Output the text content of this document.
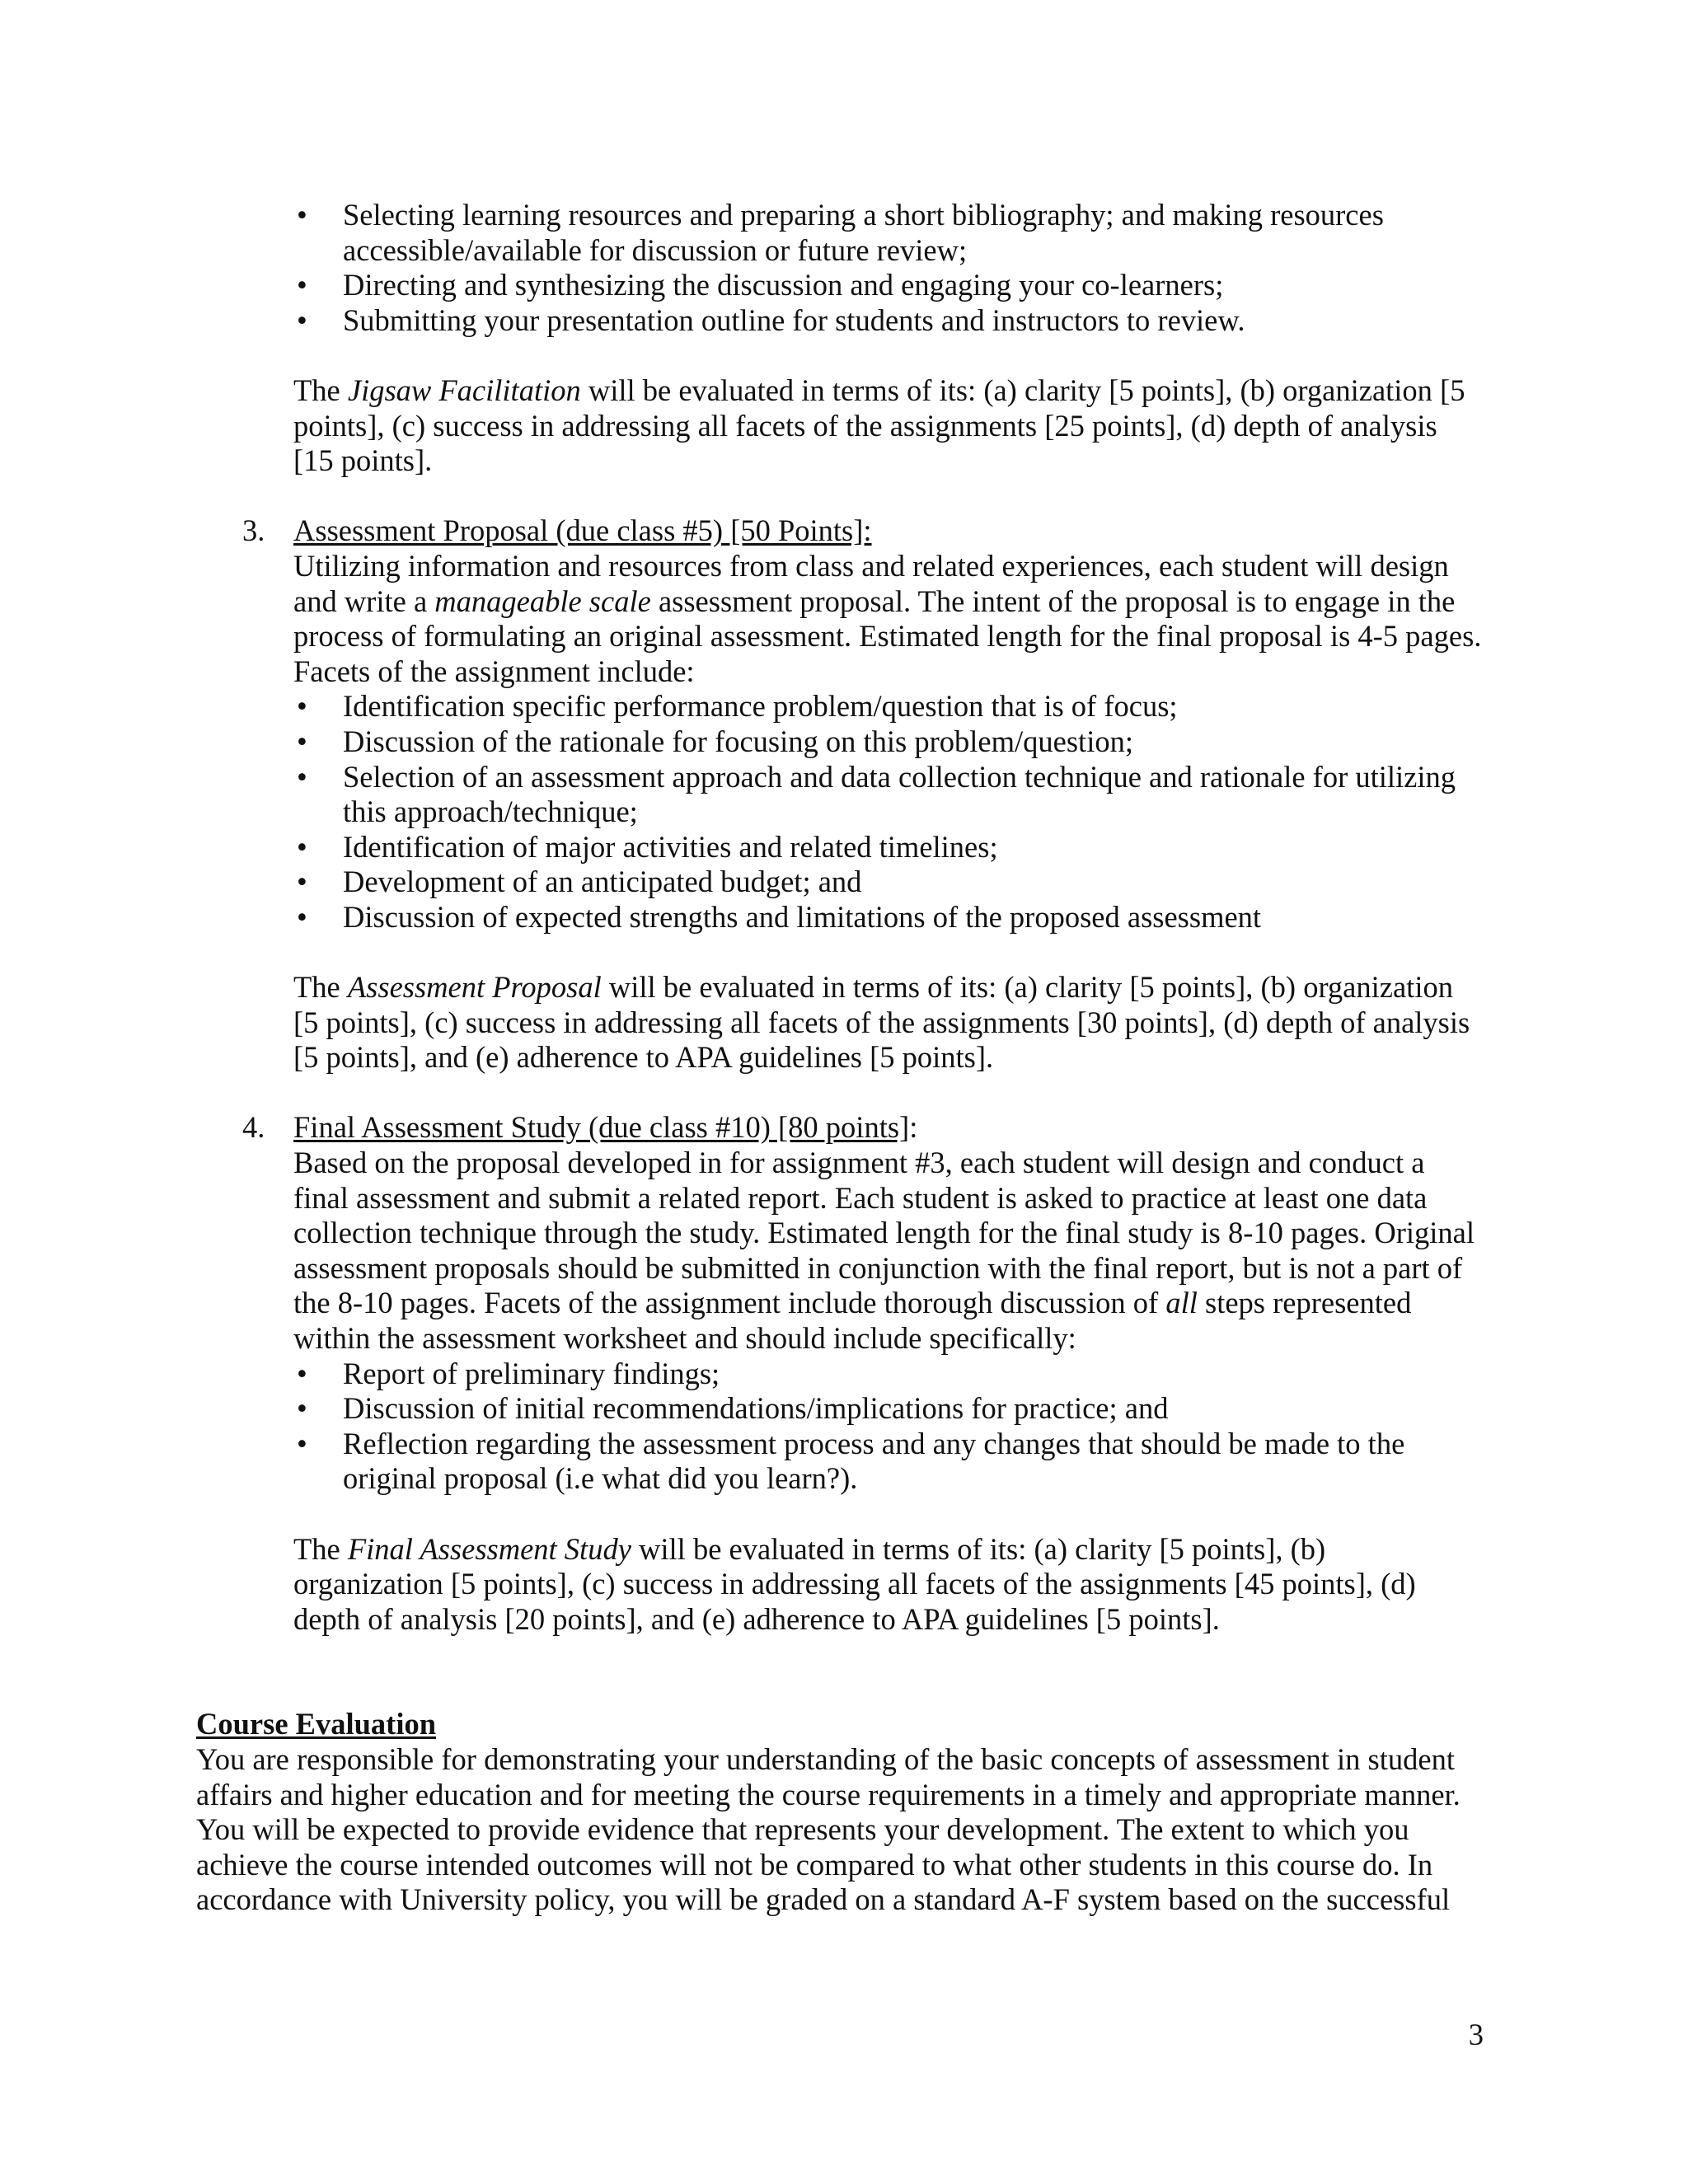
• Selecting learning resources and preparing a short bibliography; and making resources accessible/available for discussion or future review;
• Directing and synthesizing the discussion and engaging your co-learners;
• Submitting your presentation outline for students and instructors to review.

The Jigsaw Facilitation will be evaluated in terms of its: (a) clarity [5 points], (b) organization [5 points], (c) success in addressing all facets of the assignments [25 points], (d) depth of analysis [15 points].

3. Assessment Proposal (due class #5) [50 Points]:

Utilizing information and resources from class and related experiences, each student will design and write a manageable scale assessment proposal. The intent of the proposal is to engage in the process of formulating an original assessment. Estimated length for the final proposal is 4-5 pages. Facets of the assignment include:

• Identification specific performance problem/question that is of focus;
• Discussion of the rationale for focusing on this problem/question;
• Selection of an assessment approach and data collection technique and rationale for utilizing this approach/technique;
• Identification of major activities and related timelines;
• Development of an anticipated budget; and
• Discussion of expected strengths and limitations of the proposed assessment

The Assessment Proposal will be evaluated in terms of its: (a) clarity [5 points], (b) organization [5 points], (c) success in addressing all facets of the assignments [30 points], (d) depth of analysis [5 points], and (e) adherence to APA guidelines [5 points].

4. Final Assessment Study (due class #10) [80 points]:

Based on the proposal developed in for assignment #3, each student will design and conduct a final assessment and submit a related report. Each student is asked to practice at least one data collection technique through the study. Estimated length for the final study is 8-10 pages. Original assessment proposals should be submitted in conjunction with the final report, but is not a part of the 8-10 pages. Facets of the assignment include thorough discussion of all steps represented within the assessment worksheet and should include specifically:

• Report of preliminary findings;
• Discussion of initial recommendations/implications for practice; and
• Reflection regarding the assessment process and any changes that should be made to the original proposal (i.e what did you learn?).

The Final Assessment Study will be evaluated in terms of its: (a) clarity [5 points], (b) organization [5 points], (c) success in addressing all facets of the assignments [45 points], (d) depth of analysis [20 points], and (e) adherence to APA guidelines [5 points].

Course Evaluation

You are responsible for demonstrating your understanding of the basic concepts of assessment in student affairs and higher education and for meeting the course requirements in a timely and appropriate manner. You will be expected to provide evidence that represents your development. The extent to which you achieve the course intended outcomes will not be compared to what other students in this course do. In accordance with University policy, you will be graded on a standard A-F system based on the successful

3
